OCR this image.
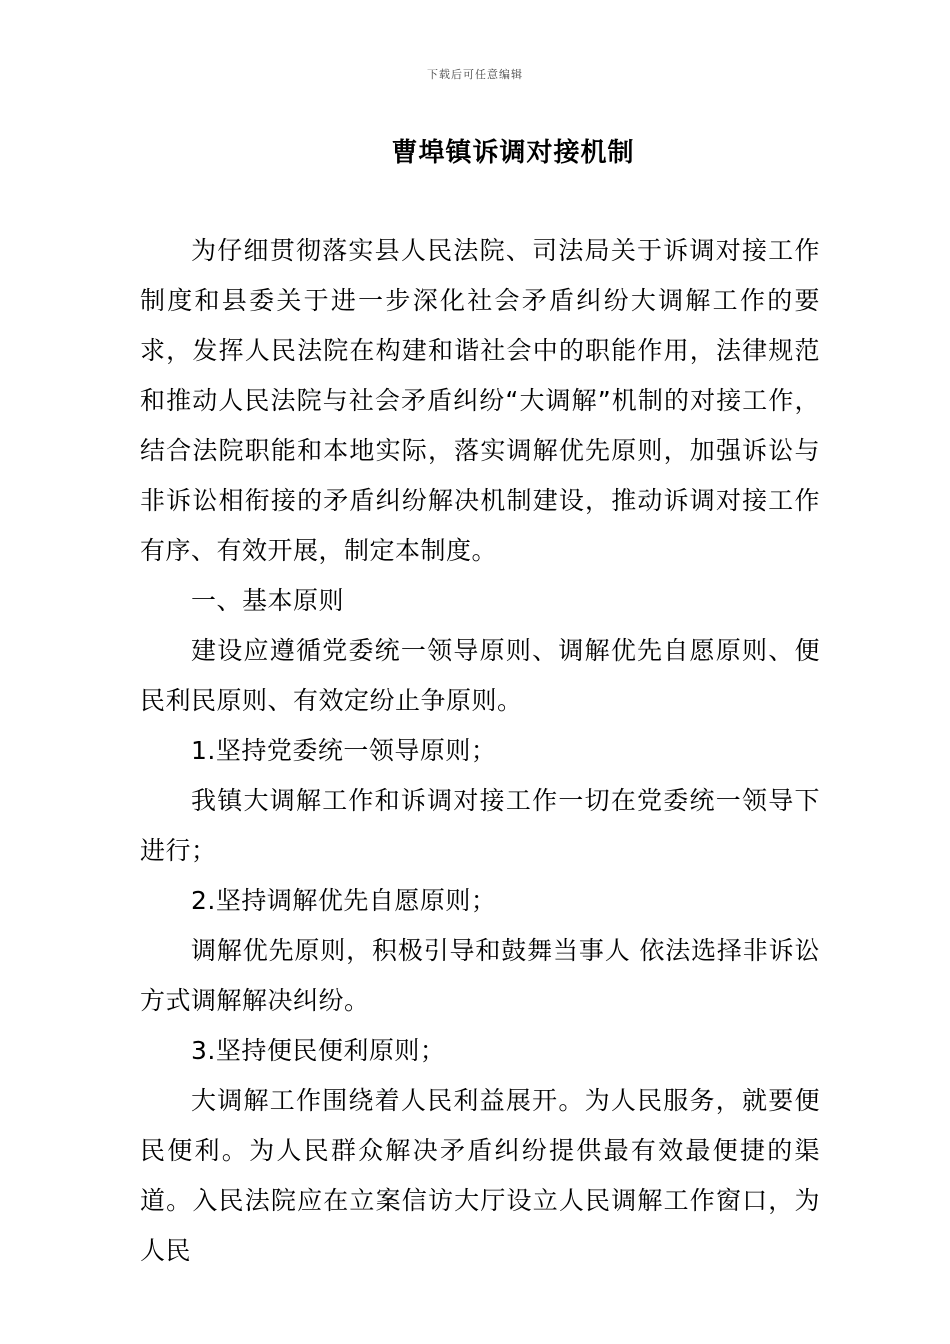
下载后可任意编辑
曹埠镇诉调对接机制

为仔细贯彻落实县人民法院、司法局关于诉调对接工作制度和县委关于进一步深化社会矛盾纠纷大调解工作的要求，发挥人民法院在构建和谐社会中的职能作用，法律规范和推动人民法院与社会矛盾纠纷“大调解”机制的对接工作，结合法院职能和本地实际，落实调解优先原则，加强诉讼与非诉讼相衔接的矛盾纠纷解决机制建设，推动诉调对接工作有序、有效开展，制定本制度。

一、基本原则

建设应遵循党委统一领导原则、调解优先自愿原则、便民利民原则、有效定纷止争原则。

1.坚持党委统一领导原则；

我镇大调解工作和诉调对接工作一切在党委统一领导下进行；

2.坚持调解优先自愿原则；

调解优先原则，积极引导和鼓舞当事人 依法选择非诉讼方式调解解决纠纷。

3.坚持便民便利原则；

大调解工作围绕着人民利益展开。为人民服务，就要便民便利。为人民群众解决矛盾纠纷提供最有效最便捷的渠道。入民法院应在立案信访大厅设立人民调解工作窗口，为人民
